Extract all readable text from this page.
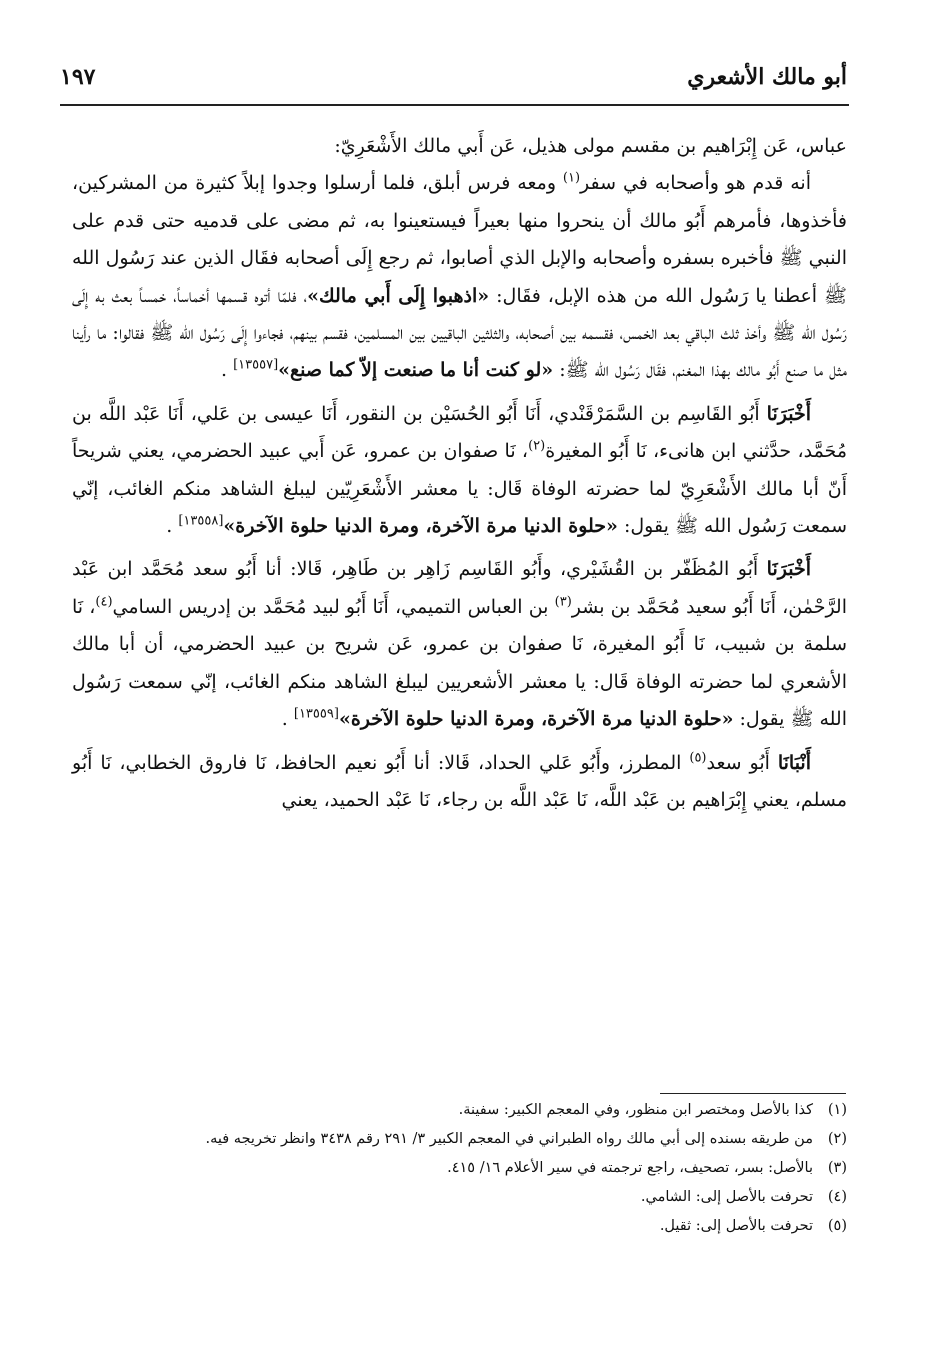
أبو مالك الأشعري
١٩٧

عباس، عَن إِبْرَاهيم بن مقسم مولى هذيل، عَن أَبي مالك الأَشْعَرِيّ:

أنه قدم هو وأصحابه في سفر$^{(١)}$ ومعه فرس أبلق، فلما أرسلوا وجدوا إبلاً كثيرة من المشركين، فأخذوها، فأمرهم أَبُو مالك أن ينحروا منها بعيراً فيستعينوا به، ثم مضى على قدميه حتى قدم على النبي ﷺ فأخبره بسفره وأصحابه والإبل الذي أصابوا، ثم رجع إِلَى أصحابه فقَال الذين عند رَسُول الله ﷺ أعطنا يا رَسُول الله من هذه الإبل، فقَال: «اذهبوا إِلَى أَبي مالك»، فلمّا أتوه قسمها أخماساً، خمساً بعث به إِلَى رَسُول الله ﷺ وأخذ ثلث الباقي بعد الخمس، فقسمه بين أصحابه، والثلثين الباقيين بين المسلمين، فقسم بينهم، فجاءوا إِلَى رَسُول الله ﷺ فقالوا: ما رأينا مثل ما صنع أَبُو مالك بهذا المغنم، فقَال رَسُول الله ﷺ: «لو كنت أنا ما صنعت إلاّ كما صنع»[١٣٥٥٧] .

أَخْبَرَنَا أَبُو القَاسِم بن السَّمَرْقَنْدي، أَنَا أَبُو الحُسَيْن بن النقور، أَنَا عيسى بن عَلي، أَنَا عَبْد اللَّه بن مُحَمَّد، حدَّثني ابن هانىء، نَا أَبُو المغيرة$^{(٢)}$، نَا صفوان بن عمرو، عَن أَبي عبيد الحضرمي، يعني شريحاً أَنّ أبا مالك الأَشْعَرِيّ لما حضرته الوفاة قَال: يا معشر الأَشْعَرِيّين ليبلغ الشاهد منكم الغائب، إنّي سمعت رَسُول الله ﷺ يقول: «حلوة الدنيا مرة الآخرة، ومرة الدنيا حلوة الآخرة»[١٣٥٥٨] .

أَخْبَرَنَا أَبُو المُظَفّر بن القُشَيْري، وأَبُو القَاسِم زَاهِر بن طَاهِر، قَالا: أنا أَبُو سعد مُحَمَّد ابن عَبْد الرَّحْمٰن، أَنَا أَبُو سعيد مُحَمَّد بن بشر$^{(٣)}$ بن العباس التميمي، أَنَا أَبُو لبيد مُحَمَّد بن إدريس السامي$^{(٤)}$، نَا سلمة بن شبيب، نَا أَبُو المغيرة، نَا صفوان بن عمرو، عَن شريح بن عبيد الحضرمي، أن أبا مالك الأشعري لما حضرته الوفاة قَال: يا معشر الأشعريين ليبلغ الشاهد منكم الغائب، إنّي سمعت رَسُول الله ﷺ يقول: «حلوة الدنيا مرة الآخرة، ومرة الدنيا حلوة الآخرة»[١٣٥٥٩] .

أَنْبَانَا أَبُو سعد$^{(٥)}$ المطرز، وأَبُو عَلي الحداد، قَالا: أنا أَبُو نعيم الحافظ، نَا فاروق الخطابي، نَا أَبُو مسلم، يعني إِبْرَاهيم بن عَبْد اللَّه، نَا عَبْد اللَّه بن رجاء، نَا عَبْد الحميد، يعني

(١)كذا بالأصل ومختصر ابن منظور، وفي المعجم الكبير: سفينة.
(٢)من طريقه بسنده إلى أبي مالك رواه الطبراني في المعجم الكبير ٣/ ٢٩١ رقم ٣٤٣٨ وانظر تخريجه فيه.
(٣)بالأصل: بسر، تصحيف، راجع ترجمته في سير الأعلام ١٦/ ٤١٥.
(٤)تحرفت بالأصل إلى: الشامي.
(٥)تحرفت بالأصل إلى: ثقيل.
